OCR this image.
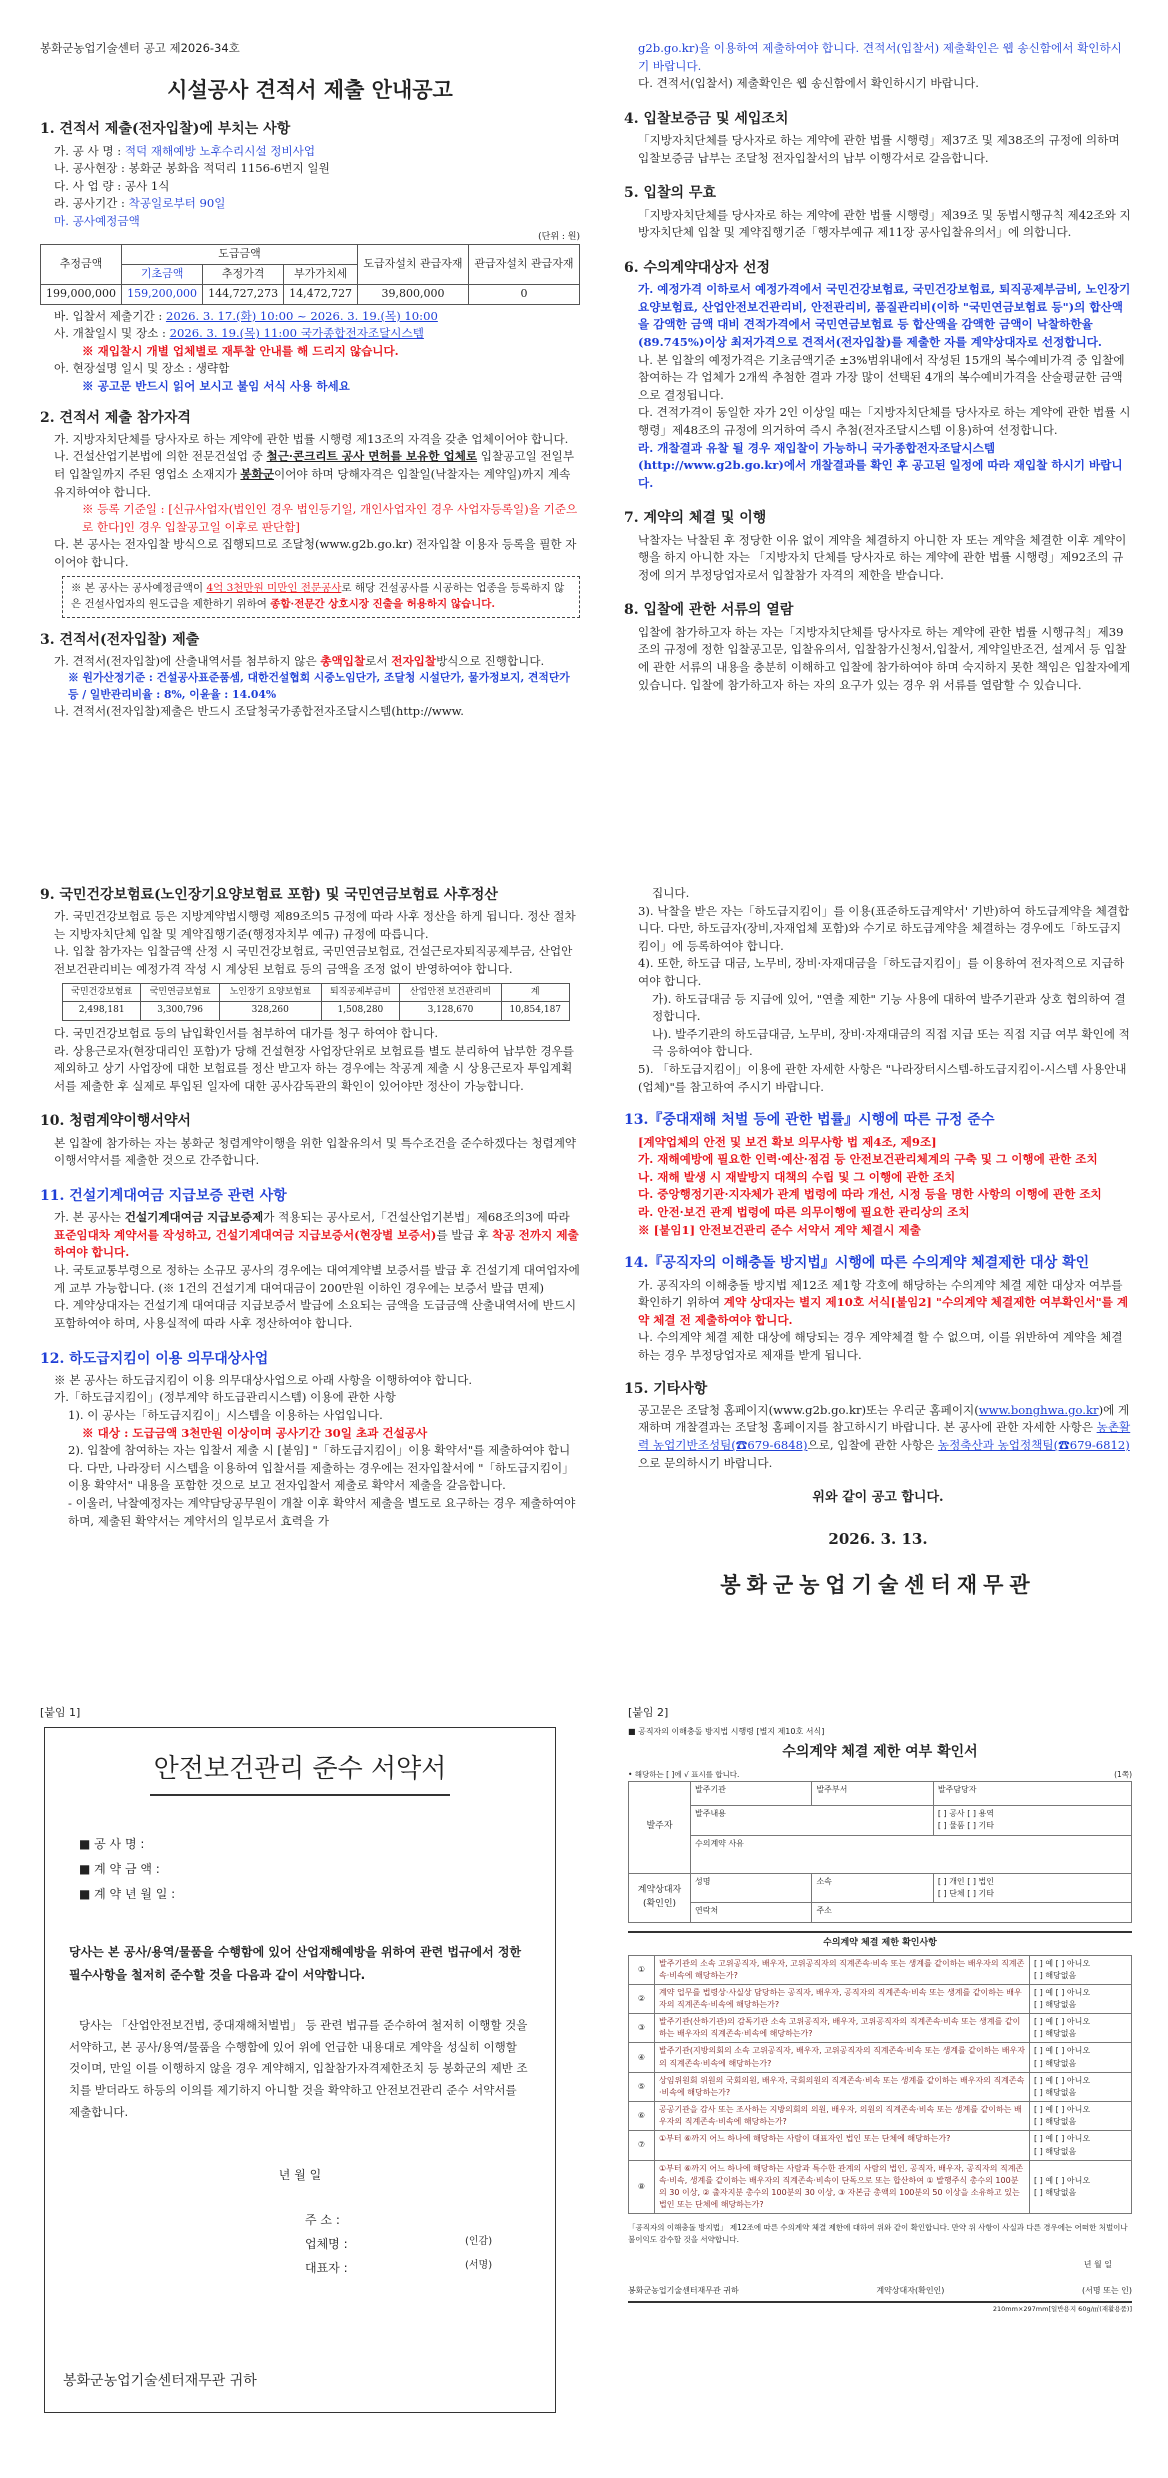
봉화군농업기술센터 공고 제2026-34호
시설공사 견적서 제출 안내공고
1. 견적서 제출(전자입찰)에 부치는 사항
가. 공 사 명 : 적덕 재해예방 노후수리시설 정비사업
나. 공사현장 : 봉화군 봉화읍 적덕리 1156-6번지 일원
다. 사 업 량 : 공사 1식
라. 공사기간 : 착공일로부터 90일
마. 공사예정금액
(단위 : 원)
추정금액	도급금액			도급자설치 관급자재	관급자설치 관급자재
	기초금액	추정가격	부가가치세		
199,000,000	159,200,000	144,727,273	14,472,727	39,800,000	0
바. 입찰서 제출기간 : 2026. 3. 17.(화) 10:00 ~ 2026. 3. 19.(목) 10:00
사. 개찰일시 및 장소 : 2026. 3. 19.(목) 11:00 국가종합전자조달시스템
※ 재입찰시 개별 업체별로 재투찰 안내를 해 드리지 않습니다.
아. 현장설명 일시 및 장소 : 생략함
※ 공고문 반드시 읽어 보시고 불임 서식 사용 하세요
2. 견적서 제출 참가자격
가. 지방자치단체를 당사자로 하는 계약에 관한 법률 시행령 제13조의 자격을 갖춘 업체이어야 합니다.
나. 건설산업기본법에 의한 전문건설업 중 철근·콘크리트 공사 면허를 보유한 업체로 입찰공고일 전일부터 입찰일까지 주된 영업소 소재지가 봉화군이어야 하며 당해자격은 입찰일(낙찰자는 계약일)까지 계속 유지하여야 합니다.
※ 등록 기준일 : [신규사업자(법인인 경우 법인등기일, 개인사업자인 경우 사업자등록일)을 기준으로 한다]인 경우 입찰공고일 이후로 판단함]
다. 본 공사는 전자입찰 방식으로 집행되므로 조달청(www.g2b.go.kr) 전자입찰 이용자 등록을 필한 자 이어야 합니다.
※ 본 공사는 공사예정금액이 4억 3천만원 미만인 전문공사로 해당 건설공사를 시공하는 업종을 등록하지 않은 건설사업자의 원도급을 제한하기 위하여 종합·전문간 상호시장 진출을 허용하지 않습니다.
3. 견적서(전자입찰) 제출
가. 견적서(전자입찰)에 산출내역서를 첨부하지 않은 총액입찰로서 전자입찰방식으로 진행합니다.
※ 원가산정기준 : 건설공사표준품셈, 대한건설협회 시중노임단가, 조달청 시설단가, 물가정보지, 견적단가 등 / 일반관리비율 : 8%, 이윤율 : 14.04%
나. 견적서(전자입찰)제출은 반드시 조달청국가종합전자조달시스템(http://www.
g2b.go.kr)을 이용하여 제출하여야 합니다. 견적서(입찰서) 제출확인은 웹 송신함에서 확인하시기 바랍니다.
다. 견적서(입찰서) 제출확인은 웹 송신함에서 확인하시기 바랍니다.
4. 입찰보증금 및 세입조치
「지방자치단체를 당사자로 하는 계약에 관한 법률 시행령」제37조 및 제38조의 규정에 의하며 입찰보증금 납부는 조달청 전자입찰서의 납부 이행각서로 갈음합니다.
5. 입찰의 무효
「지방자치단체를 당사자로 하는 계약에 관한 법률 시행령」제39조 및 동법시행규칙 제42조와 지방자치단체 입찰 및 계약집행기준「행자부예규 제11장 공사입찰유의서」에 의합니다.
6. 수의계약대상자 선정
가. 예정가격 이하로서 예정가격에서 국민건강보험료, 국민건강보험료, 퇴직공제부금비, 노인장기요양보험료, 산업안전보건관리비, 안전관리비, 품질관리비(이하 "국민연금보험료 등")의 합산액을 감액한 금액 대비 견적가격에서 국민연금보험료 등 합산액을 감액한 금액이 낙찰하한율(89.745%)이상 최저가격으로 견적서(전자입찰)를 제출한 자를 계약상대자로 선정합니다.
나. 본 입찰의 예정가격은 기초금액기준 ±3%범위내에서 작성된 15개의 복수예비가격 중 입찰에 참여하는 각 업체가 2개씩 추첨한 결과 가장 많이 선택된 4개의 복수예비가격을 산술평균한 금액으로 결정됩니다.
다. 견적가격이 동일한 자가 2인 이상일 때는「지방자치단체를 당사자로 하는 계약에 관한 법률 시행령」제48조의 규정에 의거하여 즉시 추첨(전자조달시스템 이용)하여 선정합니다.
라. 개찰결과 유찰 될 경우 재입찰이 가능하니 국가종합전자조달시스템(http://www.g2b.go.kr)에서 개찰결과를 확인 후 공고된 일정에 따라 재입찰 하시기 바랍니다.
7. 계약의 체결 및 이행
낙찰자는 낙찰된 후 정당한 이유 없이 계약을 체결하지 아니한 자 또는 계약을 체결한 이후 계약이행을 하지 아니한 자는 「지방자치 단체를 당사자로 하는 계약에 관한 법률 시행령」제92조의 규정에 의거 부정당업자로서 입찰참가 자격의 제한을 받습니다.
8. 입찰에 관한 서류의 열람
입찰에 참가하고자 하는 자는「지방자치단체를 당사자로 하는 계약에 관한 법률 시행규칙」제39조의 규정에 정한 입찰공고문, 입찰유의서, 입찰참가신청서,입찰서, 계약일반조건, 설계서 등 입찰에 관한 서류의 내용을 충분히 이해하고 입찰에 참가하여야 하며 숙지하지 못한 책임은 입찰자에게 있습니다. 입찰에 참가하고자 하는 자의 요구가 있는 경우 위 서류를 열람할 수 있습니다.
9. 국민건강보험료(노인장기요양보험료 포함) 및 국민연금보험료 사후정산
가. 국민건강보험료 등은 지방계약법시행령 제89조의5 규정에 따라 사후 정산을 하게 됩니다. 정산 절차는 지방자치단체 입찰 및 계약집행기준(행정자치부 예규) 규정에 따릅니다.
나. 입찰 참가자는 입찰금액 산정 시 국민건강보험료, 국민연금보험료, 건설근로자퇴직공제부금, 산업안전보건관리비는 예정가격 작성 시 계상된 보험료 등의 금액을 조정 없이 반영하여야 합니다.
국민건강보험료	국민연금보험료	노인장기 요양보험료	퇴직공제부금비	산업안전 보건관리비	계
2,498,181	3,300,796	328,260	1,508,280	3,128,670	10,854,187
다. 국민건강보험료 등의 납입확인서를 첨부하여 대가를 청구 하여야 합니다.
라. 상용근로자(현장대리인 포함)가 당해 건설현장 사업장단위로 보험료를 별도 분리하여 납부한 경우를 제외하고 상기 사업장에 대한 보험료를 정산 받고자 하는 경우에는 착공계 제출 시 상용근로자 투입계획서를 제출한 후 실제로 투입된 일자에 대한 공사감독관의 확인이 있어야만 정산이 가능합니다.
10. 청렴계약이행서약서
본 입찰에 참가하는 자는 봉화군 청렴계약이행을 위한 입찰유의서 및 특수조건을 준수하겠다는 청렴계약이행서약서를 제출한 것으로 간주합니다.
11. 건설기계대여금 지급보증 관련 사항
가. 본 공사는 건설기계대여금 지급보증제가 적용되는 공사로서,「건설산업기본법」제68조의3에 따라 표준임대차 계약서를 작성하고, 건설기계대여금 지급보증서(현장별 보증서)를 발급 후 착공 전까지 제출하여야 합니다.
나. 국토교통부령으로 정하는 소규모 공사의 경우에는 대여계약별 보증서를 발급 후 건설기계 대여업자에게 교부 가능합니다. (※ 1건의 건설기계 대여대금이 200만원 이하인 경우에는 보증서 발급 면제)
다. 계약상대자는 건설기계 대여대금 지급보증서 발급에 소요되는 금액을 도급금액 산출내역서에 반드시 포함하여야 하며, 사용실적에 따라 사후 정산하여야 합니다.
12. 하도급지킴이 이용 의무대상사업
※ 본 공사는 하도급지킴이 이용 의무대상사업으로 아래 사항을 이행하여야 합니다.
가.「하도급지킴이」(정부계약 하도급관리시스템) 이용에 관한 사항
1). 이 공사는「하도급지킴이」시스템을 이용하는 사업입니다.
※ 대상 : 도급금액 3천만원 이상이며 공사기간 30일 초과 건설공사
2). 입찰에 참여하는 자는 입찰서 제출 시 [붙임] "「하도급지킴이」이용 확약서"를 제출하여야 합니다. 다만, 나라장터 시스템을 이용하여 입찰서를 제출하는 경우에는 전자입찰서에 "「하도급지킴이」이용 확약서" 내용을 포함한 것으로 보고 전자입찰서 제출로 확약서 제출을 갈음합니다.
- 이울러, 낙찰예정자는 계약담당공무원이 개찰 이후 확약서 제출을 별도로 요구하는 경우 제출하여야 하며, 제출된 확약서는 계약서의 일부로서 효력을 가
집니다.
3). 낙찰을 받은 자는「하도급지킴이」를 이용(표준하도급계약서' 기반)하여 하도급계약을 체결합니다. 다만, 하도급자(장비,자재업체 포함)와 수기로 하도급계약을 체결하는 경우에도「하도급지킴이」에 등록하여야 합니다.
4). 또한, 하도급 대금, 노무비, 장비·자재대금을「하도급지킴이」를 이용하여 전자적으로 지급하여야 합니다.
가). 하도급대금 등 지급에 있어, "연출 제한" 기능 사용에 대하여 발주기관과 상호 협의하여 결정합니다.
나). 발주기관의 하도급대금, 노무비, 장비·자재대금의 직접 지급 또는 직접 지급 여부 확인에 적극 응하여야 합니다.
5). 「하도급지킴이」이용에 관한 자세한 사항은 "나라장터시스템-하도급지킴이-시스템 사용안내(업체)"를 참고하여 주시기 바랍니다.
13.『중대재해 처벌 등에 관한 법률』시행에 따른 규정 준수
[계약업체의 안전 및 보건 확보 의무사항 법 제4조, 제9조]
가. 재해예방에 필요한 인력·예산·점검 등 안전보건관리체계의 구축 및 그 이행에 관한 조치
나. 재해 발생 시 재발방지 대책의 수립 및 그 이행에 관한 조치
다. 중앙행정기관·지자체가 관계 법령에 따라 개선, 시정 등을 명한 사항의 이행에 관한 조치
라. 안전·보건 관계 법령에 따른 의무이행에 필요한 관리상의 조치
※ [붙임1] 안전보건관리 준수 서약서 계약 체결시 제출
14.『공직자의 이해충돌 방지법』시행에 따른 수의계약 체결제한 대상 확인
가. 공직자의 이해충돌 방지법 제12조 제1항 각호에 해당하는 수의계약 체결 제한 대상자 여부를 확인하기 위하여 계약 상대자는 별지 제10호 서식[붙임2] "수의계약 체결제한 여부확인서"를 계약 체결 전 제출하여야 합니다.
나. 수의계약 체결 제한 대상에 해당되는 경우 계약체결 할 수 없으며, 이를 위반하여 계약을 체결하는 경우 부정당업자로 제재를 받게 됩니다.
15. 기타사항
공고문은 조달청 홈페이지(www.g2b.go.kr)또는 우리군 홈페이지(www.bonghwa.go.kr)에 게재하며 개찰결과는 조달청 홈페이지를 참고하시기 바랍니다. 본 공사에 관한 자세한 사항은 농촌활력 농업기반조성팀(☎679-6848)으로, 입찰에 관한 사항은 농정축산과 농업정책팀(☎679-6812)으로 문의하시기 바랍니다.
위와 같이 공고 합니다.
2026. 3. 13.
봉화군농업기술센터재무관
[붙임 1]
안전보건관리 준수 서약서
■ 공 사 명 :
■ 계 약 금 액 :
■ 계 약 년 월 일 :
당사는 본 공사/용역/물품을 수행함에 있어 산업재해예방을 위하여 관련 법규에서 정한 필수사항을 철저히 준수할 것을 다음과 같이 서약합니다.
당사는 「산업안전보건법, 중대재해처벌법」 등 관련 법규를 준수하여 철저히 이행할 것을 서약하고, 본 공사/용역/물품을 수행함에 있어 위에 언급한 내용대로 계약을 성실히 이행할 것이며, 만일 이를 이행하지 않을 경우 계약해지, 입찰참가자격제한조치 등 봉화군의 제반 조치를 받더라도 하등의 이의를 제기하지 아니할 것을 확약하고 안전보건관리 준수 서약서를 제출합니다.
년 월 일
주 소 :
업체명 :	(인감)
대표자 :	(서명)
봉화군농업기술센터재무관 귀하
[붙임 2]
■ 공직자의 이해충돌 방지법 시행령 [별지 제10호 서식]
수의계약 체결 제한 여부 확인서
• 해당하는 [ ]에 √ 표시를 합니다.	(1쪽)
발주자	발주기관	발주부서	발주담당자
	발주내용		[ ] 공사 [ ] 용역
[ ] 물품 [ ] 기타

	수의계약 사유		
계약상대자 (확인인)	성명	소속	[ ] 개인 [ ] 법인
[ ] 단체 [ ] 기타

	연락처	주소	
수의계약 체결 제한 확인사항
①	발주기관의 소속 고위공직자, 배우자, 고위공직자의 직계존속·비속 또는 생계를 같이하는 배우자의 직계존속·비속에 해당하는가?	[ ] 예 [ ] 아니오
[ ] 해당없음

②	계약 업무를 법령상·사실상 담당하는 공직자, 배우자, 공직자의 직계존속·비속 또는 생계를 같이하는 배우자의 직계존속·비속에 해당하는가?	[ ] 예 [ ] 아니오
[ ] 해당없음

③	발주기관(산하기관)의 감독기관 소속 고위공직자, 배우자, 고위공직자의 직계존속·비속 또는 생계를 같이하는 배우자의 직계존속·비속에 해당하는가?	[ ] 예 [ ] 아니오
[ ] 해당없음

④	발주기관(지방의회의 소속 고위공직자, 배우자, 고위공직자의 직계존속·비속 또는 생계를 같이하는 배우자의 직계존속·비속에 해당하는가?	[ ] 예 [ ] 아니오
[ ] 해당없음

⑤	상임위원회 위원의 국회의원, 배우자, 국회의원의 직계존속·비속 또는 생계를 같이하는 배우자의 직계존속·비속에 해당하는가?	[ ] 예 [ ] 아니오
[ ] 해당없음

⑥	공공기관을 감사 또는 조사하는 지방의회의 의원, 배우자, 의원의 직계존속·비속 또는 생계를 같이하는 배우자의 직계존속·비속에 해당하는가?	[ ] 예 [ ] 아니오
[ ] 해당없음

⑦	①부터 ⑥까지 어느 하나에 해당하는 사람이 대표자인 법인 또는 단체에 해당하는가?	[ ] 예 [ ] 아니오
[ ] 해당없음

⑧	①부터 ⑥까지 어느 하나에 해당하는 사람과 특수한 관계의 사람의 법인, 공직자, 배우자, 공직자의 직계존속·비속, 생계를 같이하는 배우자의 직계존속·비속이 단독으로 또는 합산하여 ① 발행주식 총수의 100분의 30 이상, ② 출자지분 총수의 100분의 30 이상, ③ 자본금 총액의 100분의 50 이상을 소유하고 있는 법인 또는 단체에 해당하는가?	[ ] 예 [ ] 아니오
[ ] 해당없음
「공직자의 이해충돌 방지법」 제12조에 따른 수의계약 체결 제한에 대하여 위와 같이 확인합니다. 만약 위 사항이 사실과 다른 경우에는 어떠한 처벌이나 불이익도 감수할 것을 서약합니다.
년 월 일
봉화군농업기술센터재무관 귀하	계약상대자(확인인)	(서명 또는 인)
210mm×297mm[일반용지 60g/㎡(재활용품)]
